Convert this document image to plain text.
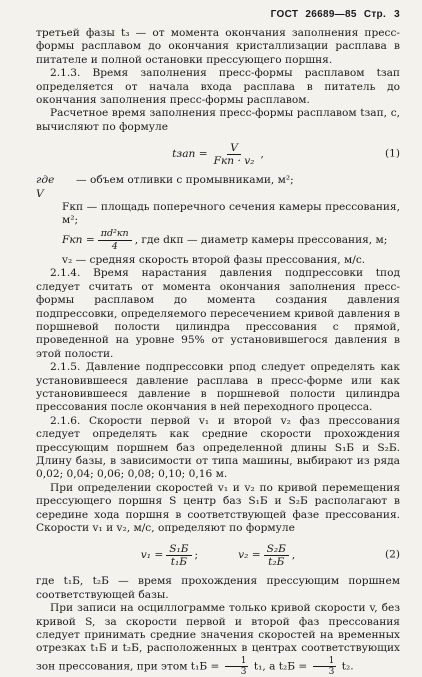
ГОСТ 26689—85 Стр. 3

третьей фазы t₃ — от момента окончания заполнения пресс-формы расплавом до окончания кристаллизации расплава в питателе и полной остановки прессующего поршня.

2.1.3. Время заполнения пресс-формы расплавом tзап определяется от начала входа расплава в питатель до окончания заполнения пресс-формы расплавом.

Расчетное время заполнения пресс-формы расплавом tзап, с, вычисляют по формуле

tзап = $\frac{V}{\text{Fкп · v₂}}$ ,	(1)
где V
— объем отливки с промывниками, м²;

Fкп — площадь поперечного сечения камеры прессования, м²;

Fкп = $\frac{\text{πd²кп}}{4}$ , где dкп — диаметр камеры прессования, м;

v₂ — средняя скорость второй фазы прессования, м/с.

2.1.4. Время нарастания давления подпрессовки tпод следует считать от момента окончания заполнения пресс-формы расплавом до момента создания давления подпрессовки, определяемого пересечением кривой давления в поршневой полости цилиндра прессования с прямой, проведенной на уровне 95% от установившегося давления в этой полости.

2.1.5. Давление подпрессовки pпод следует определять как установившееся давление расплава в пресс-форме или как установившееся давление в поршневой полости цилиндра прессования после окончания в ней переходного процесса.

2.1.6. Скорости первой v₁ и второй v₂ фаз прессования следует определять как средние скорости прохождения прессующим поршнем баз определенной длины S₁Б и S₂Б. Длину базы, в зависимости от типа машины, выбирают из ряда 0,02; 0,04; 0,06; 0,08; 0,10; 0,16 м.

При определении скоростей v₁ и v₂ по кривой перемещения прессующего поршня S центр баз S₁Б и S₂Б располагают в середине хода поршня в соответствующей фазе прессования. Скорости v₁ и v₂, м/с, определяют по формуле

$v_1 = \frac{\text{S₁Б}}{\text{t₁Б}}$ ;	$v_2 = \frac{\text{S₂Б}}{\text{t₂Б}}$ ,	(2)

где t₁Б, t₂Б — время прохождения прессующим поршнем соответствующей базы.

При записи на осциллограмме только кривой скорости v, без кривой S, за скорости первой и второй фаз прессования следует принимать средние значения скоростей на временных отрезках t₁Б и t₂Б, расположенных в центрах соответствующих зон прессования, при этом $t_1Б = \frac{1}{3} t_1$, а $t_2Б = \frac{1}{3} t_2$.
